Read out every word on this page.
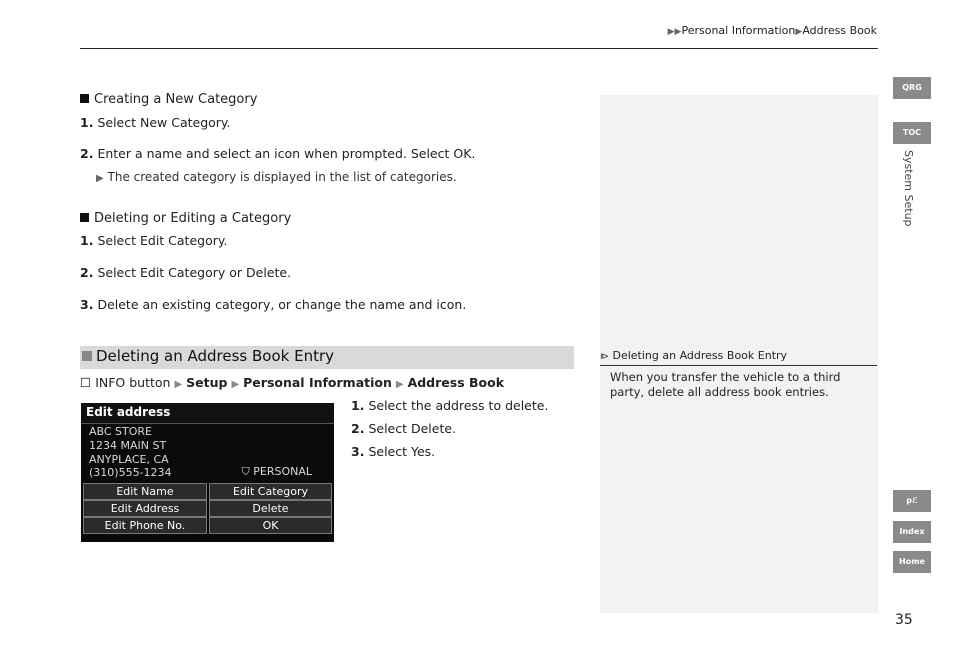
▶▶Personal Information▶Address Book
Creating a New Category
1. Select New Category.
2. Enter a name and select an icon when prompted. Select OK.
▶ The created category is displayed in the list of categories.
Deleting or Editing a Category
1. Select Edit Category.
2. Select Edit Category or Delete.
3. Delete an existing category, or change the name and icon.
Deleting an Address Book Entry
☐ INFO button ▶ Setup ▶ Personal Information ▶ Address Book
Edit address
ABC STORE
1234 MAIN ST
ANYPLACE, CA
(310)555-1234	⛉ PERSONAL
Edit Name	Edit Category
Edit Address	Delete
Edit Phone No.	OK
1. Select the address to delete.
2. Select Delete.
3. Select Yes.
⧐ Deleting an Address Book Entry
When you transfer the vehicle to a third party, delete all address book entries.
QRG
TOC
System Setup
pℰ
Index
Home
35
